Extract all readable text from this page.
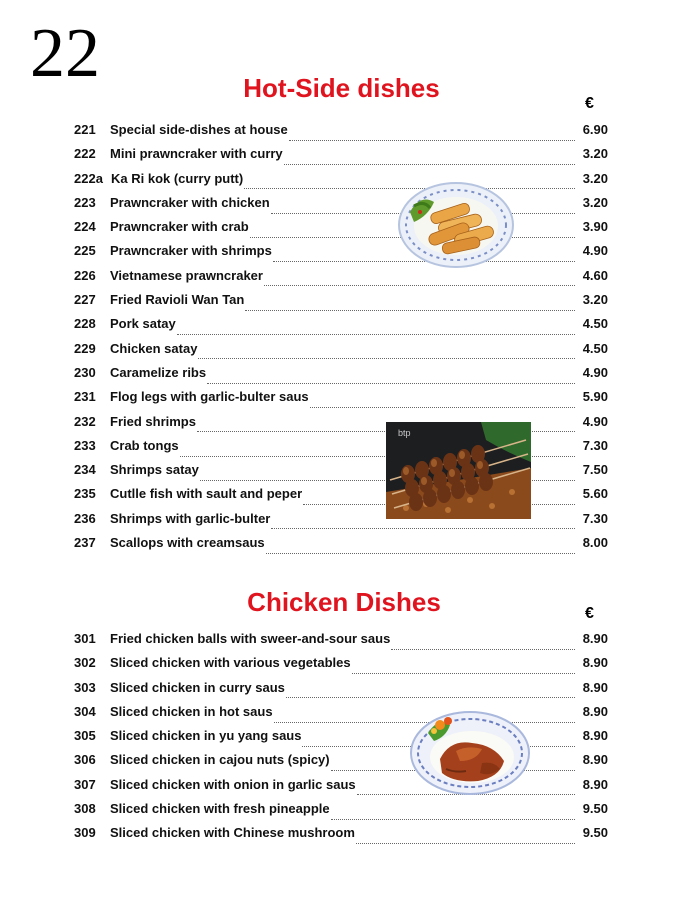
22	Hot-Side dishes
€
221	Special side-dishes at house	6.90
222	Mini prawncraker with curry	3.20
222a Ka Ri kok (curry putt)	3.20
223	Prawncraker with chicken	3.20
224	Prawncraker with crab	3.90
225	Prawncraker with shrimps	4.90
226	Vietnamese prawncraker	4.60
227	Fried Ravioli Wan Tan	3.20
228	Pork satay	4.50
229	Chicken satay	4.50
230	Caramelize ribs	4.90
231	Flog legs with garlic-bulter saus	5.90
232	Fried shrimps	4.90
233	Crab tongs	7.30
234	Shrimps satay	7.50
235	Cutlle fish with sault and peper	5.60
236	Shrimps with garlic-bulter	7.30
237	Scallops with creamsaus	8.00
Chicken Dishes	€
301	Fried chicken balls with sweer-and-sour saus	8.90
302	Sliced chicken with various vegetables	8.90
303	Sliced chicken in curry saus	8.90
304	Sliced chicken in hot saus	8.90
305	Sliced chicken in yu yang saus	8.90
306	Sliced chicken in cajou nuts (spicy)	8.90
307	Sliced chicken with onion in garlic saus	8.90
308	Sliced chicken with fresh pineapple	9.50
309	Sliced chicken with Chinese mushroom	9.50
btp
